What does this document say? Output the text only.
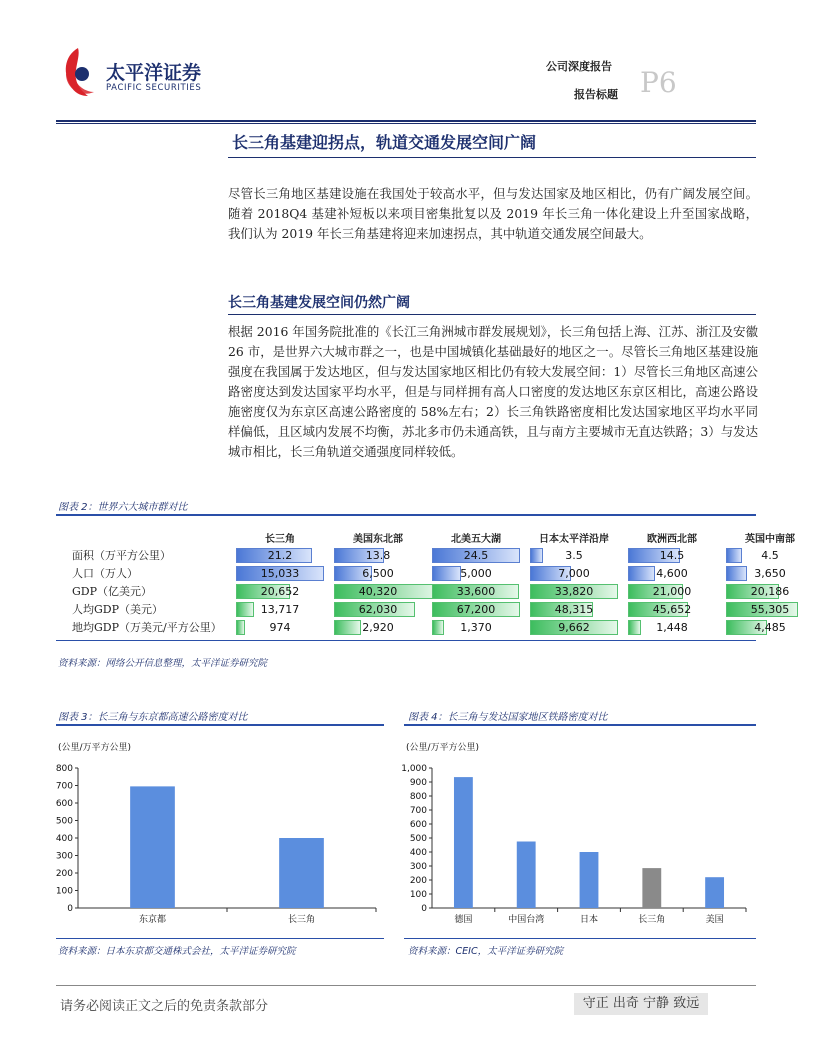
太平洋证券
PACIFIC SECURITIES
公司深度报告
报告标题 P6
长三角基建迎拐点，轨道交通发展空间广阔
尽管长三角地区基建设施在我国处于较高水平，但与发达国家及地区相比，仍有广阔发展空间。随着 2018Q4 基建补短板以来项目密集批复以及 2019 年长三角一体化建设上升至国家战略，我们认为 2019 年长三角基建将迎来加速拐点，其中轨道交通发展空间最大。
长三角基建发展空间仍然广阔
根据 2016 年国务院批准的《长江三角洲城市群发展规划》，长三角包括上海、江苏、浙江及安徽 26 市，是世界六大城市群之一，也是中国城镇化基础最好的地区之一。尽管长三角地区基建设施强度在我国属于发达地区，但与发达国家地区相比仍有较大发展空间：1）尽管长三角地区高速公路密度达到发达国家平均水平，但是与同样拥有高人口密度的发达地区东京区相比，高速公路设施密度仅为东京区高速公路密度的 58%左右；2）长三角铁路密度相比发达国家地区平均水平同样偏低，且区域内发展不均衡，苏北多市仍未通高铁，且与南方主要城市无直达铁路；3）与发达城市相比，长三角轨道交通强度同样较低。
图表 2：世界六大城市群对比
	长三角	美国东北部	北美五大湖	日本太平洋沿岸	欧洲西北部	英国中南部
面积（万平方公里）	21.2	13.8	24.5	3.5	14.5	4.5

人口（万人）	15,033	6,500	5,000	7,000	4,600	3,650

GDP（亿美元）	20,652	40,320	33,600	33,820	21,000	20,186

人均GDP（美元）	13,717	62,030	67,200	48,315	45,652	55,305

地均GDP（万美元/平方公里）	974	2,920	1,370	9,662	1,448	4,485
资料来源：网络公开信息整理，太平洋证券研究院
图表 3：长三角与东京都高速公路密度对比
(公里/万平方公里)
0
100
200
300
400
500
600
700
800
东京都	长三角
资料来源：日本东京都交通株式会社，太平洋证券研究院
图表 4：长三角与发达国家地区铁路密度对比
(公里/万平方公里)
0
100
200
300
400
500
600
700
800
900
1,000
德国	中国台湾	日本	长三角	美国
资料来源：CEIC，太平洋证券研究院
请务必阅读正文之后的免责条款部分	守正 出奇 宁静 致远
